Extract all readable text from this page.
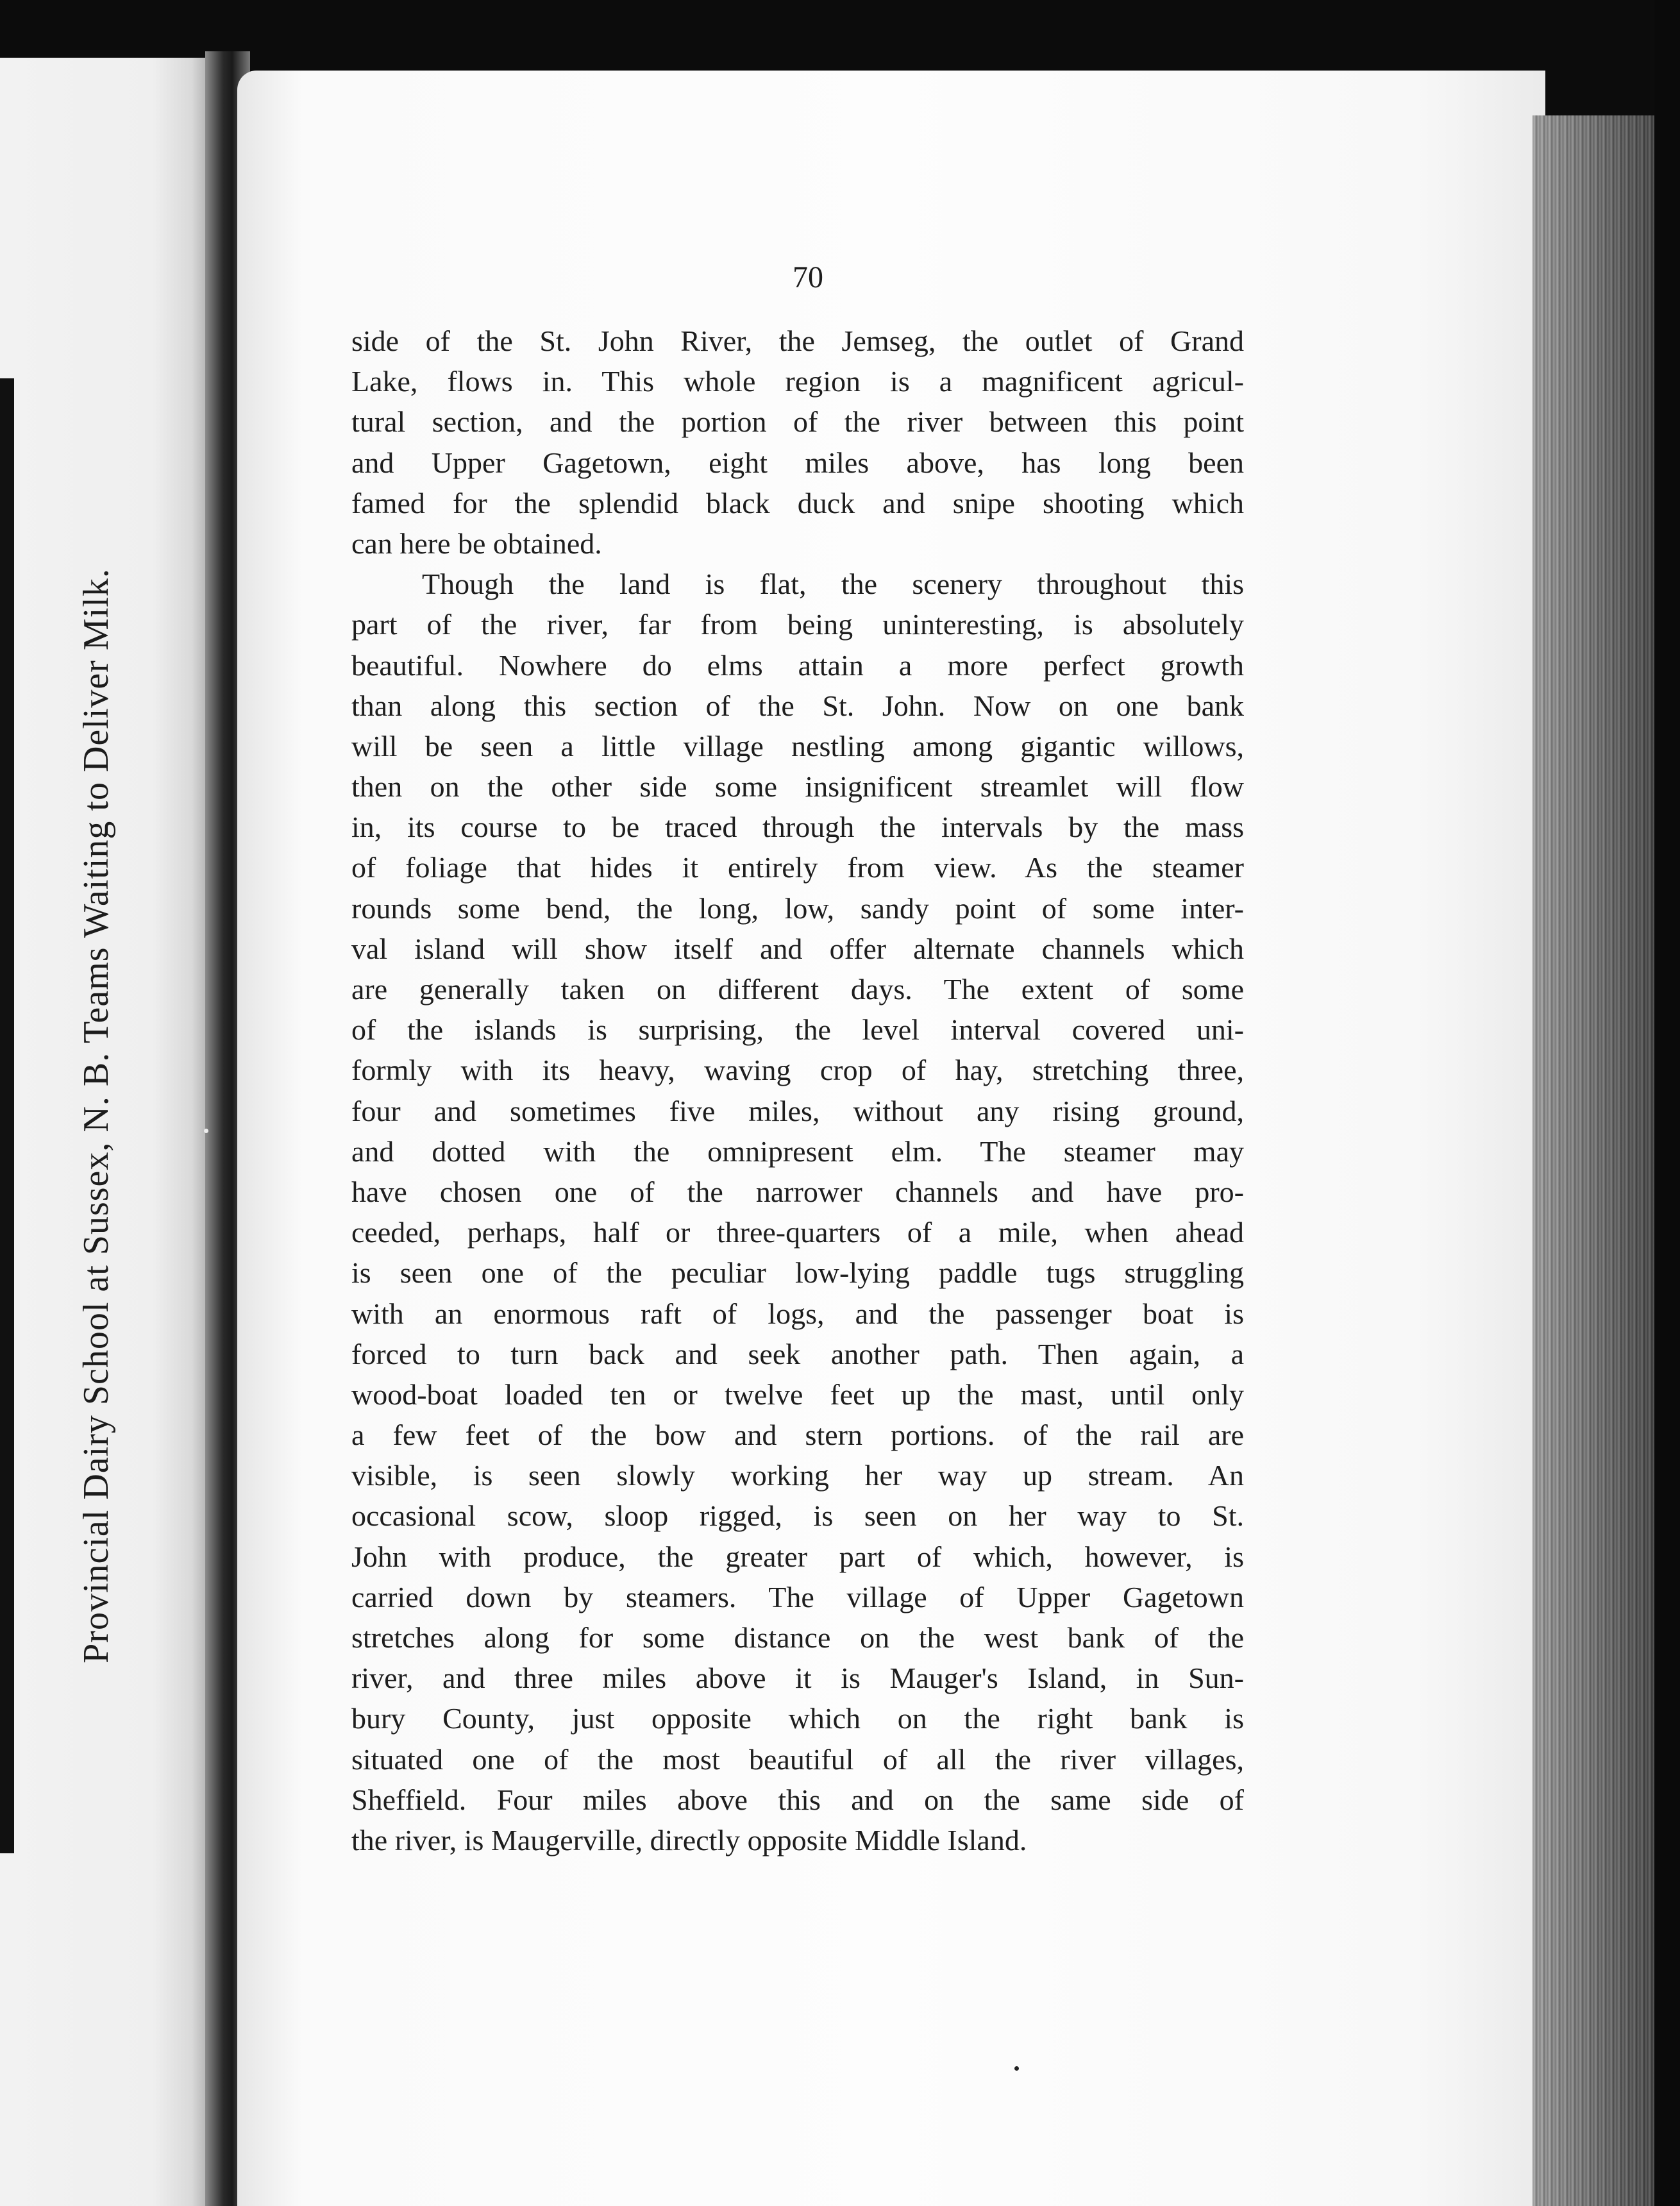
Provincial Dairy School at Sussex, N. B. Teams Waiting to Deliver Milk.
70
side of the St. John River, the Jemseg, the outlet of Grand
Lake, flows in. This whole region is a magnificent agricul-
tural section, and the portion of the river between this point
and Upper Gagetown, eight miles above, has long been
famed for the splendid black duck and snipe shooting which
can here be obtained.
Though the land is flat, the scenery throughout this
part of the river, far from being uninteresting, is absolutely
beautiful. Nowhere do elms attain a more perfect growth
than along this section of the St. John. Now on one bank
will be seen a little village nestling among gigantic willows,
then on the other side some insignificent streamlet will flow
in, its course to be traced through the intervals by the mass
of foliage that hides it entirely from view. As the steamer
rounds some bend, the long, low, sandy point of some inter-
val island will show itself and offer alternate channels which
are generally taken on different days. The extent of some
of the islands is surprising, the level interval covered uni-
formly with its heavy, waving crop of hay, stretching three,
four and sometimes five miles, without any rising ground,
and dotted with the omnipresent elm. The steamer may
have chosen one of the narrower channels and have pro-
ceeded, perhaps, half or three-quarters of a mile, when ahead
is seen one of the peculiar low-lying paddle tugs struggling
with an enormous raft of logs, and the passenger boat is
forced to turn back and seek another path. Then again, a
wood-boat loaded ten or twelve feet up the mast, until only
a few feet of the bow and stern portions. of the rail are
visible, is seen slowly working her way up stream. An
occasional scow, sloop rigged, is seen on her way to St.
John with produce, the greater part of which, however, is
carried down by steamers. The village of Upper Gagetown
stretches along for some distance on the west bank of the
river, and three miles above it is Mauger's Island, in Sun-
bury County, just opposite which on the right bank is
situated one of the most beautiful of all the river villages,
Sheffield. Four miles above this and on the same side of
the river, is Maugerville, directly opposite Middle Island.
